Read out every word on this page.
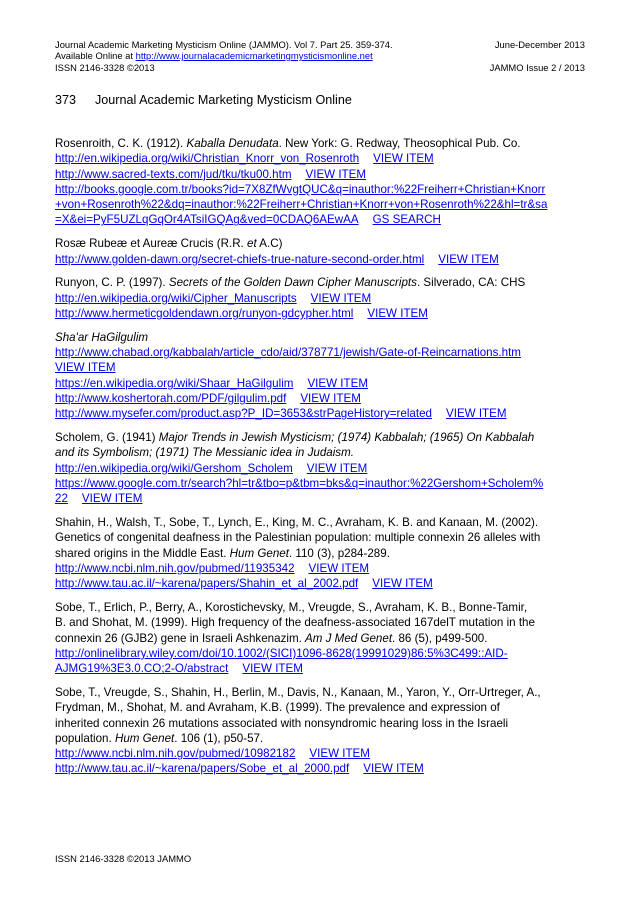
Journal Academic Marketing Mysticism Online (JAMMO). Vol 7. Part 25. 359-374.	June-December 2013
Available Online at http://www.journalacademicmarketingmysticismonline.net
ISSN 2146-3328 ©2013	JAMMO Issue 2 / 2013
373 Journal Academic Marketing Mysticism Online
Rosenroith, C. K. (1912). Kaballa Denudata. New York: G. Redway, Theosophical Pub. Co.
http://en.wikipedia.org/wiki/Christian_Knorr_von_Rosenroth VIEW ITEM
http://www.sacred-texts.com/jud/tku/tku00.htm VIEW ITEM
http://books.google.com.tr/books?id=7X8ZfWvgtQUC&q=inauthor:%22Freiherr+Christian+Knorr
+von+Rosenroth%22&dq=inauthor:%22Freiherr+Christian+Knorr+von+Rosenroth%22&hl=tr&sa
=X&ei=PyF5UZLqGqOr4ATsiIGQAg&ved=0CDAQ6AEwAA GS SEARCH
Rosæ Rubeæ et Aureæ Crucis (R.R. et A.C)
http://www.golden-dawn.org/secret-chiefs-true-nature-second-order.html VIEW ITEM
Runyon, C. P. (1997). Secrets of the Golden Dawn Cipher Manuscripts. Silverado, CA: CHS
http://en.wikipedia.org/wiki/Cipher_Manuscripts VIEW ITEM
http://www.hermeticgoldendawn.org/runyon-gdcypher.html VIEW ITEM
Sha'ar HaGilgulim
http://www.chabad.org/kabbalah/article_cdo/aid/378771/jewish/Gate-of-Reincarnations.htm
VIEW ITEM
https://en.wikipedia.org/wiki/Shaar_HaGilgulim VIEW ITEM
http://www.koshertorah.com/PDF/gilgulim.pdf VIEW ITEM
http://www.mysefer.com/product.asp?P_ID=3653&strPageHistory=related VIEW ITEM
Scholem, G. (1941) Major Trends in Jewish Mysticism; (1974) Kabbalah; (1965) On Kabbalah
and its Symbolism; (1971) The Messianic idea in Judaism.
http://en.wikipedia.org/wiki/Gershom_Scholem VIEW ITEM
https://www.google.com.tr/search?hl=tr&tbo=p&tbm=bks&q=inauthor:%22Gershom+Scholem%
22 VIEW ITEM
Shahin, H., Walsh, T., Sobe, T., Lynch, E., King, M. C., Avraham, K. B. and Kanaan, M. (2002).
Genetics of congenital deafness in the Palestinian population: multiple connexin 26 alleles with
shared origins in the Middle East. Hum Genet. 110 (3), p284-289.
http://www.ncbi.nlm.nih.gov/pubmed/11935342 VIEW ITEM
http://www.tau.ac.il/~karena/papers/Shahin_et_al_2002.pdf VIEW ITEM
Sobe, T., Erlich, P., Berry, A., Korostichevsky, M., Vreugde, S., Avraham, K. B., Bonne-Tamir,
B. and Shohat, M. (1999). High frequency of the deafness-associated 167delT mutation in the
connexin 26 (GJB2) gene in Israeli Ashkenazim. Am J Med Genet. 86 (5), p499-500.
http://onlinelibrary.wiley.com/doi/10.1002/(SICI)1096-8628(19991029)86:5%3C499::AID-
AJMG19%3E3.0.CO;2-O/abstract VIEW ITEM
Sobe, T., Vreugde, S., Shahin, H., Berlin, M., Davis, N., Kanaan, M., Yaron, Y., Orr-Urtreger, A.,
Frydman, M., Shohat, M. and Avraham, K.B. (1999). The prevalence and expression of
inherited connexin 26 mutations associated with nonsyndromic hearing loss in the Israeli
population. Hum Genet. 106 (1), p50-57.
http://www.ncbi.nlm.nih.gov/pubmed/10982182 VIEW ITEM
http://www.tau.ac.il/~karena/papers/Sobe_et_al_2000.pdf VIEW ITEM
ISSN 2146-3328 ©2013 JAMMO
